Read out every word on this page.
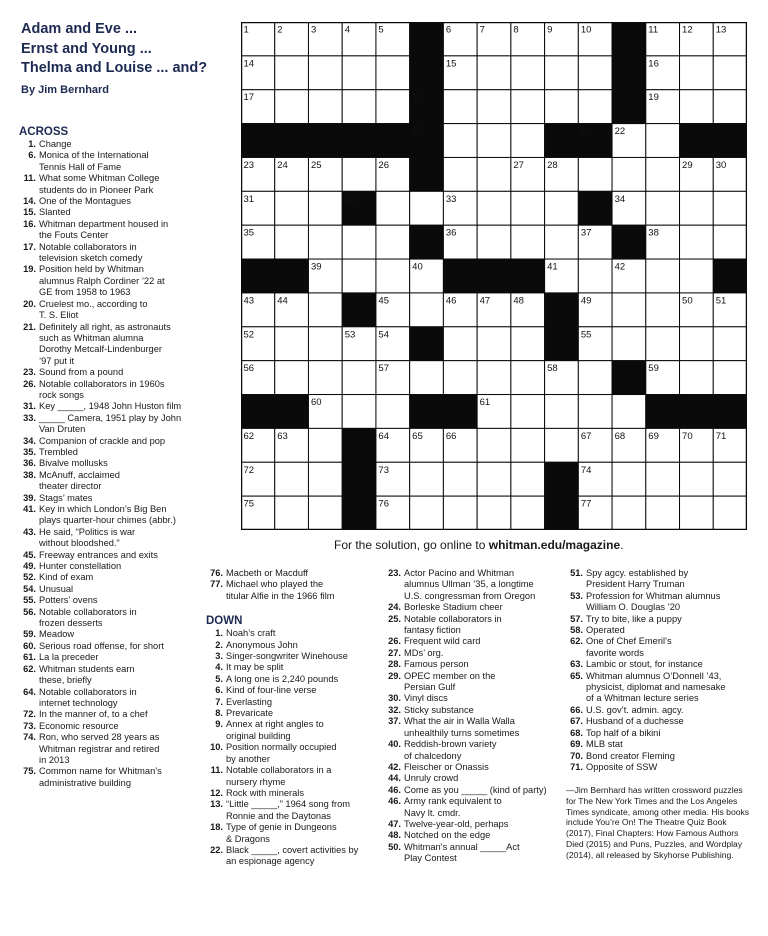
Adam and Eve ...
Ernst and Young ...
Thelma and Louise ... and?
By Jim Bernhard
1	2	3	4	5	6	7	8	9	10	11	12 13
14	15	16
17	18	19
20	21 22
23 24 25	26	27 28	29 30
31	32	33	34
35	36	37	38
39	40	41	42
43 44	45	46 47 48	49	50 51
52	53 54	55
56	57	58	59
60	61
62 63	64 65 66	67 68 69 70 71
72	73	74
75	76	77
For the solution, go online to whitman.edu/magazine.
ACROSS
1. Change
6. Monica of the International
Tennis Hall of Fame
11. What some Whitman College
students do in Pioneer Park
14. One of the Montagues
15. Slanted
16. Whitman department housed in
the Fouts Center
17. Notable collaborators in
television sketch comedy
19. Position held by Whitman
alumnus Ralph Cordiner ’22 at
GE from 1958 to 1963
20. Cruelest mo., according to
T. S. Eliot
21. Definitely all right, as astronauts
such as Whitman alumna
Dorothy Metcalf-Lindenburger
’97 put it
23. Sound from a pound
26. Notable collaborators in 1960s
rock songs
31. Key _____, 1948 John Huston film
33. _____ Camera, 1951 play by John
Van Druten
34. Companion of crackle and pop
35. Trembled
36. Bivalve mollusks
38. McAnuff, acclaimed
theater director
39. Stags’ mates
41. Key in which London’s Big Ben
plays quarter-hour chimes (abbr.)
43. He said, “Politics is war
without bloodshed.”
45. Freeway entrances and exits
49. Hunter constellation
52. Kind of exam
54. Unusual
55. Potters’ ovens
56. Notable collaborators in
frozen desserts
59. Meadow
60. Serious road offense, for short
61. La la preceder
62. Whitman students earn
these, briefly
64. Notable collaborators in
internet technology
72. In the manner of, to a chef
73. Economic resource
74. Ron, who served 28 years as
Whitman registrar and retired
in 2013
75. Common name for Whitman’s
administrative building
76. Macbeth or Macduff
77. Michael who played the
titular Alfie in the 1966 film
DOWN
1. Noah’s craft
2. Anonymous John
3. Singer-songwriter Winehouse
4. It may be split
5. A long one is 2,240 pounds
6. Kind of four-line verse
7. Everlasting
8. Prevaricate
9. Annex at right angles to
original building
10. Position normally occupied
by another
11. Notable collaborators in a
nursery rhyme
12. Rock with minerals
13. “Little _____,” 1964 song from
Ronnie and the Daytonas
18. Type of genie in Dungeons
& Dragons
22. Black _____, covert activities by
an espionage agency
23. Actor Pacino and Whitman
alumnus Ullman ’35, a longtime
U.S. congressman from Oregon
24. Borleske Stadium cheer
25. Notable collaborators in
fantasy fiction
26. Frequent wild card
27. MDs’ org.
28. Famous person
29. OPEC member on the
Persian Gulf
30. Vinyl discs
32. Sticky substance
37. What the air in Walla Walla
unhealthily turns sometimes
40. Reddish-brown variety
of chalcedony
42. Fleischer or Onassis
44. Unruly crowd
46. Come as you _____ (kind of party)
46. Army rank equivalent to
Navy lt. cmdr.
47. Twelve-year-old, perhaps
48. Notched on the edge
50. Whitman’s annual _____Act
Play Contest
51. Spy agcy. established by
President Harry Truman
53. Profession for Whitman alumnus
William O. Douglas ’20
57. Try to bite, like a puppy
58. Operated
62. One of Chef Emeril’s
favorite words
63. Lambic or stout, for instance
65. Whitman alumnus O’Donnell ’43,
physicist, diplomat and namesake
of a Whitman lecture series
66. U.S. gov’t. admin. agcy.
67. Husband of a duchesse
68. Top half of a bikini
69. MLB stat
70. Bond creator Fleming
71. Opposite of SSW
—Jim Bernhard has written crossword puzzles
for The New York Times and the Los Angeles
Times syndicate, among other media. His books
include You’re On! The Theatre Quiz Book
(2017), Final Chapters: How Famous Authors
Died (2015) and Puns, Puzzles, and Wordplay
(2014), all released by Skyhorse Publishing.
